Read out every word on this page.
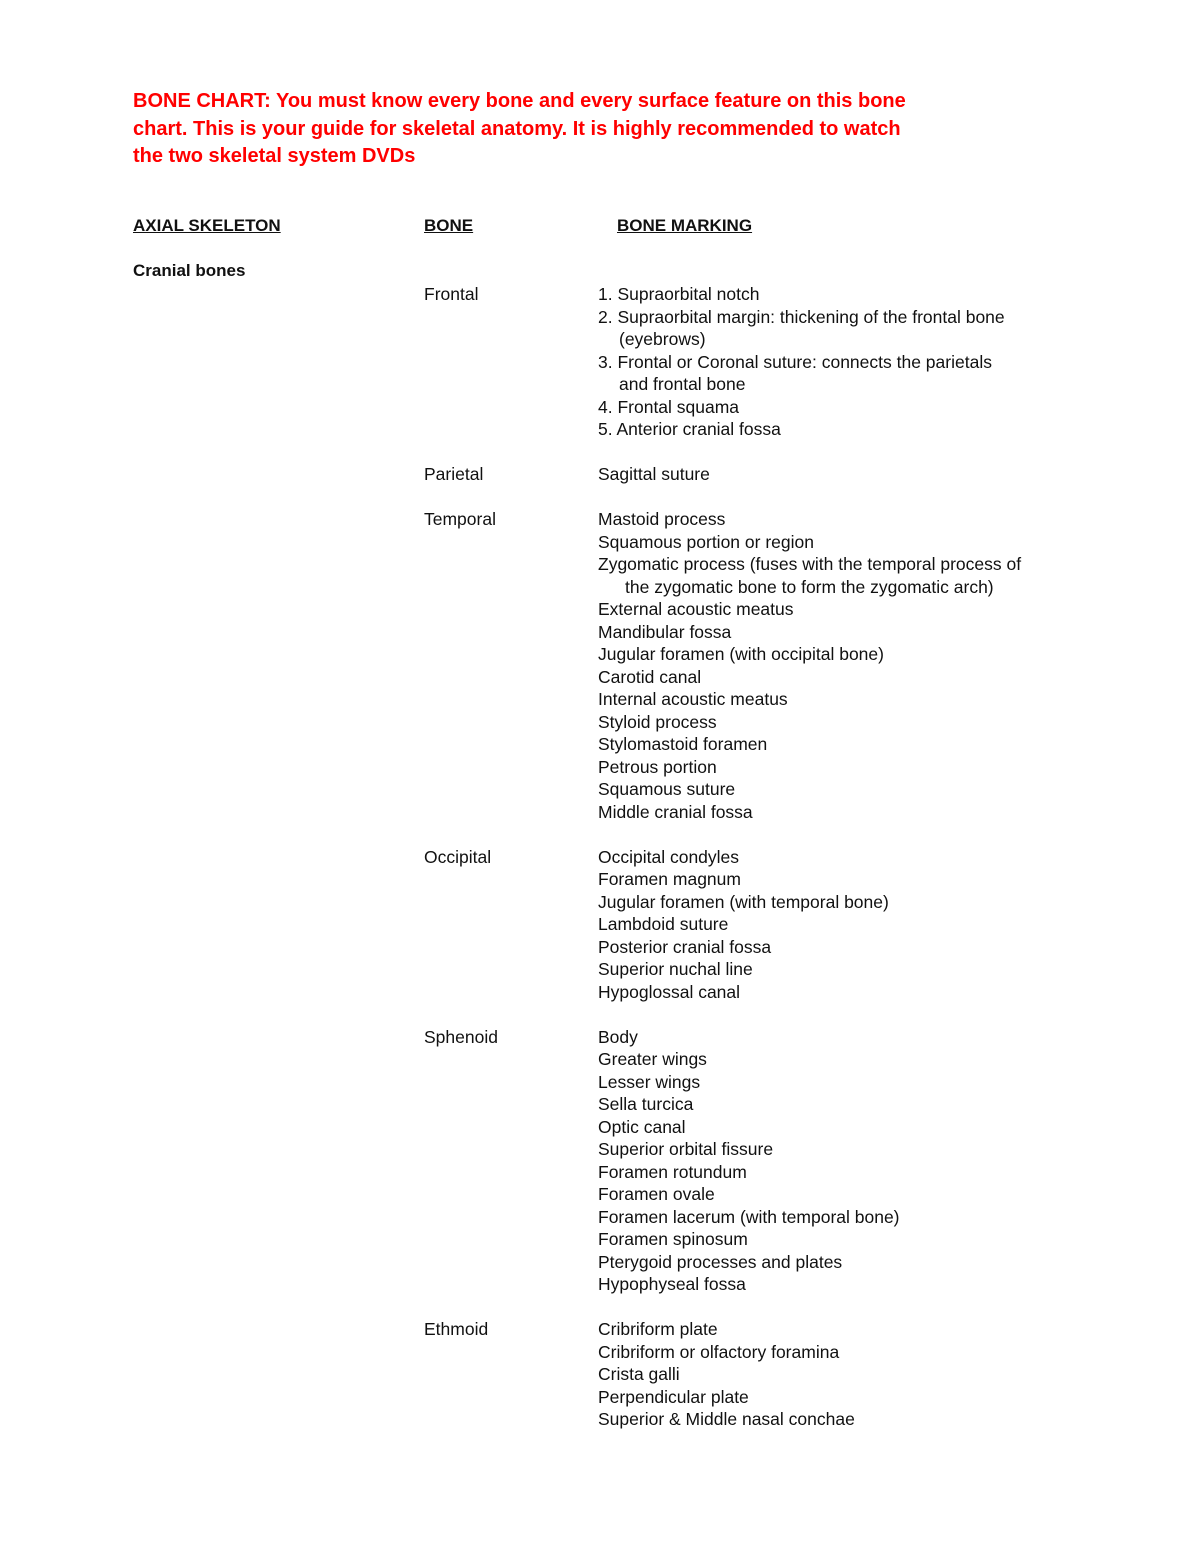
BONE CHART: You must know every bone and every surface feature on this bone
chart. This is your guide for skeletal anatomy. It is highly recommended to watch
the two skeletal system DVDs
AXIAL SKELETON	BONE	BONE MARKING
Cranial bones
Frontal	1. Supraorbital notch
2. Supraorbital margin: thickening of the frontal bone
(eyebrows)
3. Frontal or Coronal suture: connects the parietals
and frontal bone
4. Frontal squama
5. Anterior cranial fossa
Parietal	Sagittal suture
Temporal	Mastoid process
Squamous portion or region
Zygomatic process (fuses with the temporal process of
the zygomatic bone to form the zygomatic arch)
External acoustic meatus
Mandibular fossa
Jugular foramen (with occipital bone)
Carotid canal
Internal acoustic meatus
Styloid process
Stylomastoid foramen
Petrous portion
Squamous suture
Middle cranial fossa
Occipital	Occipital condyles
Foramen magnum
Jugular foramen (with temporal bone)
Lambdoid suture
Posterior cranial fossa
Superior nuchal line
Hypoglossal canal
Sphenoid	Body
Greater wings
Lesser wings
Sella turcica
Optic canal
Superior orbital fissure
Foramen rotundum
Foramen ovale
Foramen lacerum (with temporal bone)
Foramen spinosum
Pterygoid processes and plates
Hypophyseal fossa
Ethmoid	Cribriform plate
Cribriform or olfactory foramina
Crista galli
Perpendicular plate
Superior & Middle nasal conchae
